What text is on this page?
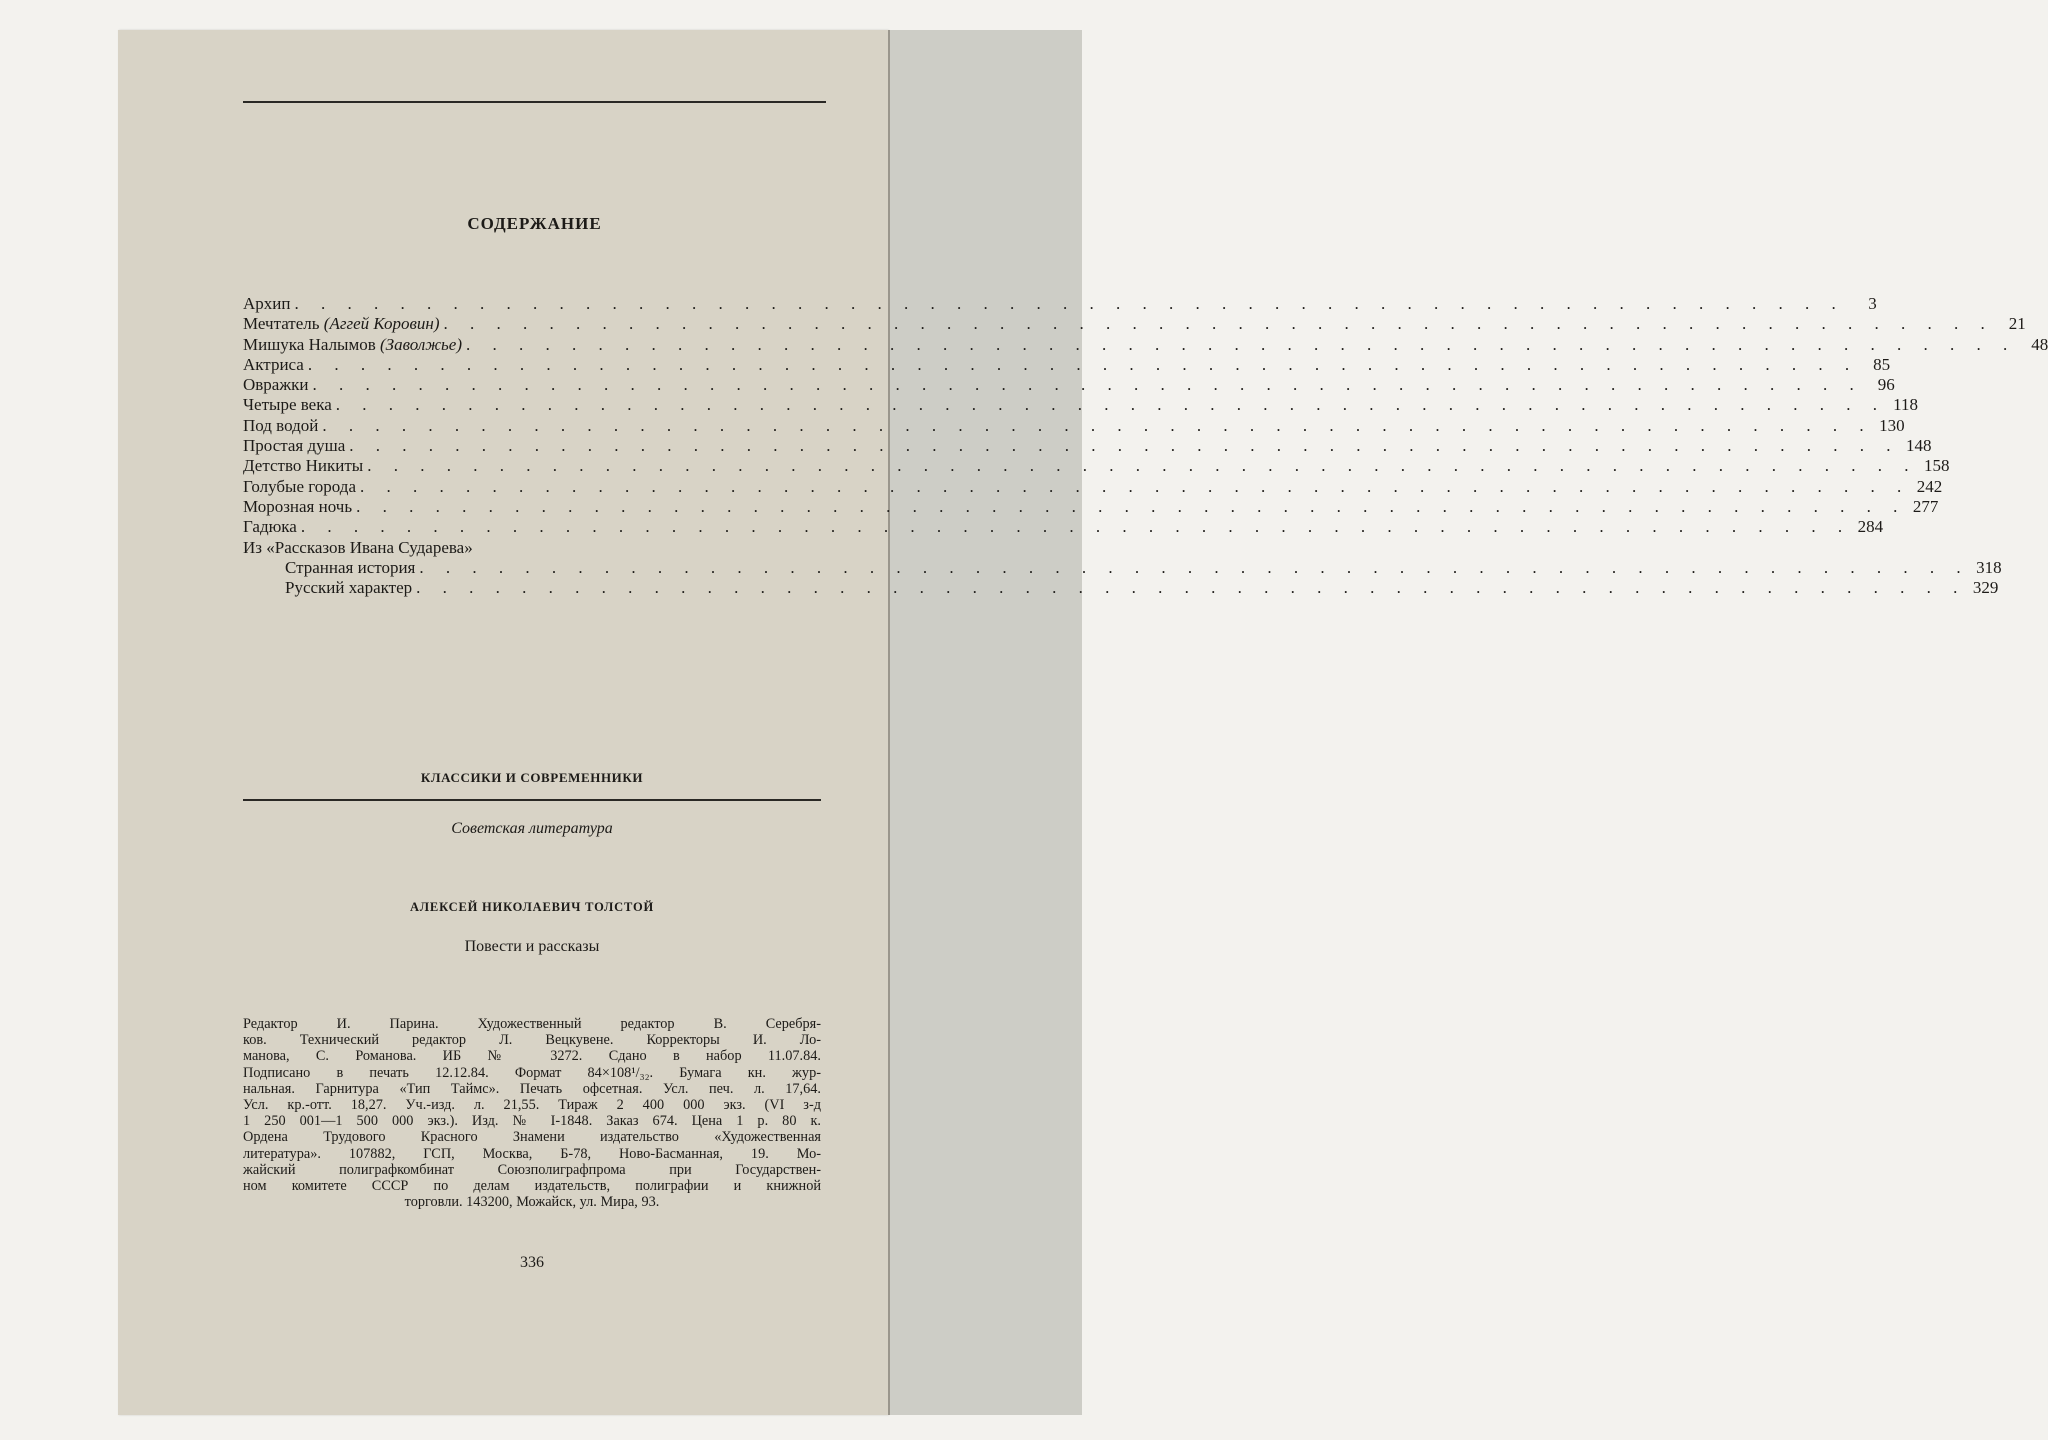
СОДЕРЖАНИЕ
Архип . . . . . . . . . . . . . . . . . . . . . . . . . . . . . . . . . . . . . . . . . . . . . . . . . . . . . . . . . . .	3
Мечтатель (Аггей Коровин) . . . . . . . . . . . . . . . . . . . . . . . . . . . . . . . . . . . . . . . . . . . . . . . . . . . . . . . . . . . 21
Мишука Налымов (Заволжье) . . . . . . . . . . . . . . . . . . . . . . . . . . . . . . . . . . . . . . . . . . . . . . . . . . . . . . . . . . . 48
Актриса . . . . . . . . . . . . . . . . . . . . . . . . . . . . . . . . . . . . . . . . . . . . . . . . . . . . . . . . . . . 85
Овражки . . . . . . . . . . . . . . . . . . . . . . . . . . . . . . . . . . . . . . . . . . . . . . . . . . . . . . . . . . . 96
Четыре века . . . . . . . . . . . . . . . . . . . . . . . . . . . . . . . . . . . . . . . . . . . . . . . . . . . . . . . . . . . 118
Под водой . . . . . . . . . . . . . . . . . . . . . . . . . . . . . . . . . . . . . . . . . . . . . . . . . . . . . . . . . . . 130
Простая душа . . . . . . . . . . . . . . . . . . . . . . . . . . . . . . . . . . . . . . . . . . . . . . . . . . . . . . . . . . . 148
Детство Никиты . . . . . . . . . . . . . . . . . . . . . . . . . . . . . . . . . . . . . . . . . . . . . . . . . . . . . . . . . . . 158
Голубые города . . . . . . . . . . . . . . . . . . . . . . . . . . . . . . . . . . . . . . . . . . . . . . . . . . . . . . . . . . . 242
Морозная ночь . . . . . . . . . . . . . . . . . . . . . . . . . . . . . . . . . . . . . . . . . . . . . . . . . . . . . . . . . . . 277
Гадюка . . . . . . . . . . . . . . . . . . . . . . . . . . . . . . . . . . . . . . . . . . . . . . . . . . . . . . . . . . . 284
Из «Рассказов Ивана Сударева»
Странная история . . . . . . . . . . . . . . . . . . . . . . . . . . . . . . . . . . . . . . . . . . . . . . . . . . . . . . . . . . . 318
Русский характер . . . . . . . . . . . . . . . . . . . . . . . . . . . . . . . . . . . . . . . . . . . . . . . . . . . . . . . . . . . 329
КЛАССИКИ И СОВРЕМЕННИКИ
Советская литература
АЛЕКСЕЙ НИКОЛАЕВИЧ ТОЛСТОЙ
Повести и рассказы
Редактор И. Парина. Художественный редактор В. Серебря-
ков. Технический редактор Л. Вецкувене. Корректоры И. Ло-
манова, С. Романова. ИБ № 3272. Сдано в набор 11.07.84.
Подписано в печать 12.12.84. Формат 84×108¹/₃₂. Бумага кн. жур-
нальная. Гарнитура «Тип Таймс». Печать офсетная. Усл. печ. л. 17,64.
Усл. кр.-отт. 18,27. Уч.-изд. л. 21,55. Тираж 2 400 000 экз. (VI з-д
1 250 001—1 500 000 экз.). Изд. № I-1848. Заказ 674. Цена 1 р. 80 к.
Ордена Трудового Красного Знамени издательство «Художественная
литература». 107882, ГСП, Москва, Б-78, Ново-Басманная, 19. Мо-
жайский полиграфкомбинат Союзполиграфпрома при Государствен-
ном комитете СССР по делам издательств, полиграфии и книжной
торговли. 143200, Можайск, ул. Мира, 93.
336
